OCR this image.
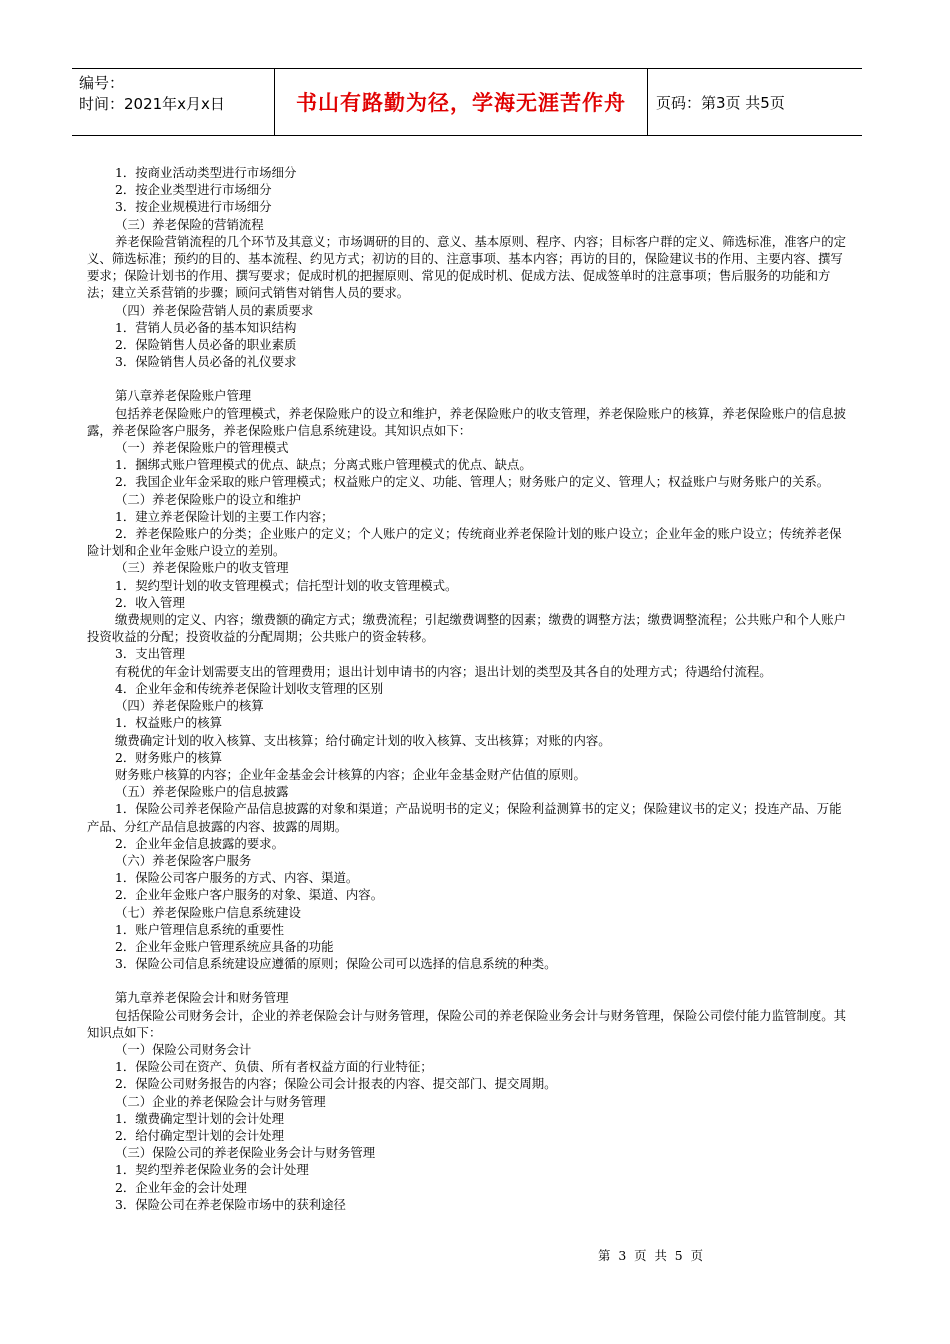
编号：
时间：2021年x月x日	书山有路勤为径，学海无涯苦作舟	页码：第3页 共5页

1．按商业活动类型进行市场细分

2．按企业类型进行市场细分

3．按企业规模进行市场细分

（三）养老保险的营销流程

养老保险营销流程的几个环节及其意义；市场调研的目的、意义、基本原则、程序、内容；目标客户群的定义、筛选标准，准客户的定义、筛选标准；预约的目的、基本流程、约见方式；初访的目的、注意事项、基本内容；再访的目的，保险建议书的作用、主要内容、撰写要求；保险计划书的作用、撰写要求；促成时机的把握原则、常见的促成时机、促成方法、促成签单时的注意事项；售后服务的功能和方法；建立关系营销的步骤；顾问式销售对销售人员的要求。

（四）养老保险营销人员的素质要求

1．营销人员必备的基本知识结构

2．保险销售人员必备的职业素质

3．保险销售人员必备的礼仪要求

第八章养老保险账户管理

包括养老保险账户的管理模式，养老保险账户的设立和维护，养老保险账户的收支管理，养老保险账户的核算，养老保险账户的信息披露，养老保险客户服务，养老保险账户信息系统建设。其知识点如下：

（一）养老保险账户的管理模式

1．捆绑式账户管理模式的优点、缺点；分离式账户管理模式的优点、缺点。

2．我国企业年金采取的账户管理模式；权益账户的定义、功能、管理人；财务账户的定义、管理人；权益账户与财务账户的关系。

（二）养老保险账户的设立和维护

1．建立养老保险计划的主要工作内容；

2．养老保险账户的分类；企业账户的定义；个人账户的定义；传统商业养老保险计划的账户设立；企业年金的账户设立；传统养老保险计划和企业年金账户设立的差别。

（三）养老保险账户的收支管理

1．契约型计划的收支管理模式；信托型计划的收支管理模式。

2．收入管理

缴费规则的定义、内容；缴费额的确定方式；缴费流程；引起缴费调整的因素；缴费的调整方法；缴费调整流程；公共账户和个人账户投资收益的分配；投资收益的分配周期；公共账户的资金转移。

3．支出管理

有税优的年金计划需要支出的管理费用；退出计划申请书的内容；退出计划的类型及其各自的处理方式；待遇给付流程。

4．企业年金和传统养老保险计划收支管理的区别

（四）养老保险账户的核算

1．权益账户的核算

缴费确定计划的收入核算、支出核算；给付确定计划的收入核算、支出核算；对账的内容。

2．财务账户的核算

财务账户核算的内容；企业年金基金会计核算的内容；企业年金基金财产估值的原则。

（五）养老保险账户的信息披露

1．保险公司养老保险产品信息披露的对象和渠道；产品说明书的定义；保险利益测算书的定义；保险建议书的定义；投连产品、万能产品、分红产品信息披露的内容、披露的周期。

2．企业年金信息披露的要求。

（六）养老保险客户服务

1．保险公司客户服务的方式、内容、渠道。

2．企业年金账户客户服务的对象、渠道、内容。

（七）养老保险账户信息系统建设

1．账户管理信息系统的重要性

2．企业年金账户管理系统应具备的功能

3．保险公司信息系统建设应遵循的原则；保险公司可以选择的信息系统的种类。

第九章养老保险会计和财务管理

包括保险公司财务会计，企业的养老保险会计与财务管理，保险公司的养老保险业务会计与财务管理，保险公司偿付能力监管制度。其知识点如下：

（一）保险公司财务会计

1．保险公司在资产、负债、所有者权益方面的行业特征；

2．保险公司财务报告的内容；保险公司会计报表的内容、提交部门、提交周期。

（二）企业的养老保险会计与财务管理

1．缴费确定型计划的会计处理

2．给付确定型计划的会计处理

（三）保险公司的养老保险业务会计与财务管理

1．契约型养老保险业务的会计处理

2．企业年金的会计处理

3．保险公司在养老保险市场中的获利途径

第 3 页 共 5 页
